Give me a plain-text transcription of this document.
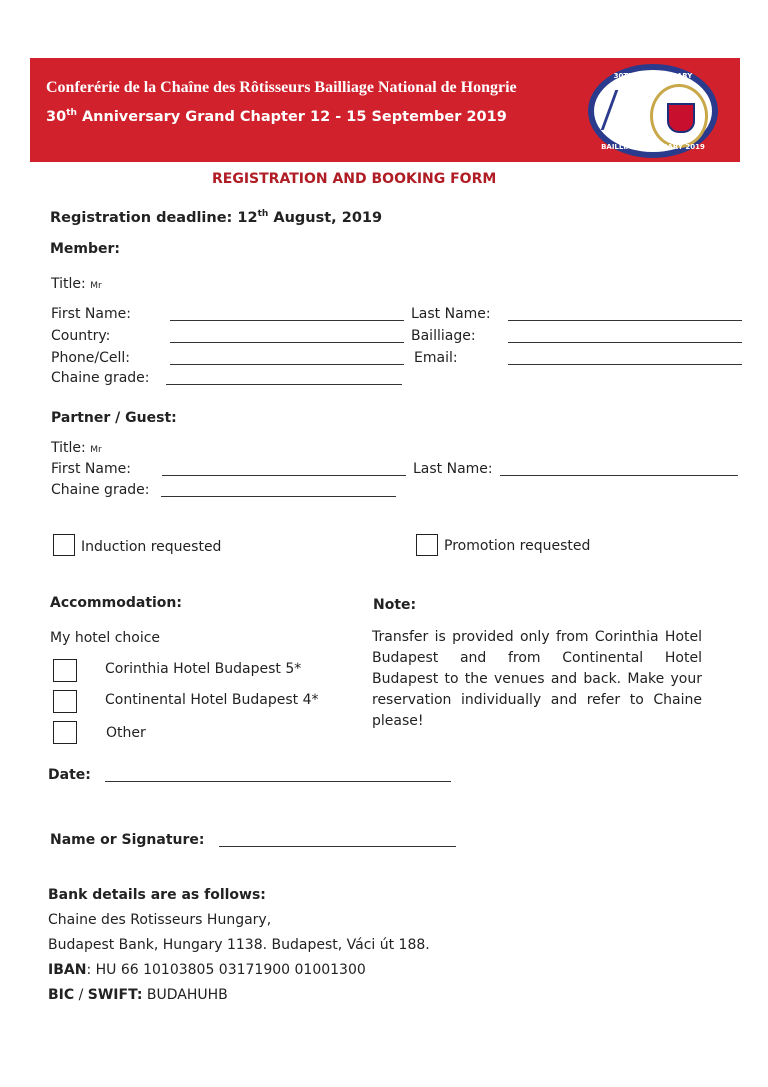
Conferérie de la Chaîne des Rôtisseurs Bailliage National de Hongrie
30th Anniversary Grand Chapter 12 - 15 September 2019
30TH ANNIVERSARY
BAILLIAGE HUNGARY 2019
REGISTRATION AND BOOKING FORM
Registration deadline: 12th August, 2019
Member:
Title: Mr
First Name:	Last Name:
Country:	Bailliage:
Phone/Cell:	Email:
Chaine grade:
Partner / Guest:
Title: Mr
First Name:	Last Name:
Chaine grade:
Induction requested	Promotion requested
Accommodation:
My hotel choice
Corinthia Hotel Budapest 5*
Continental Hotel Budapest 4*
Other
Note:
Transfer is provided only from Corinthia Hotel Budapest and from Continental Hotel Budapest to the venues and back. Make your reservation individually and refer to Chaine please!
Date:
Name or Signature:
Bank details are as follows:
Chaine des Rotisseurs Hungary,
Budapest Bank, Hungary 1138. Budapest, Váci út 188.
IBAN: HU 66 10103805 03171900 01001300
BIC / SWIFT: BUDAHUHB
